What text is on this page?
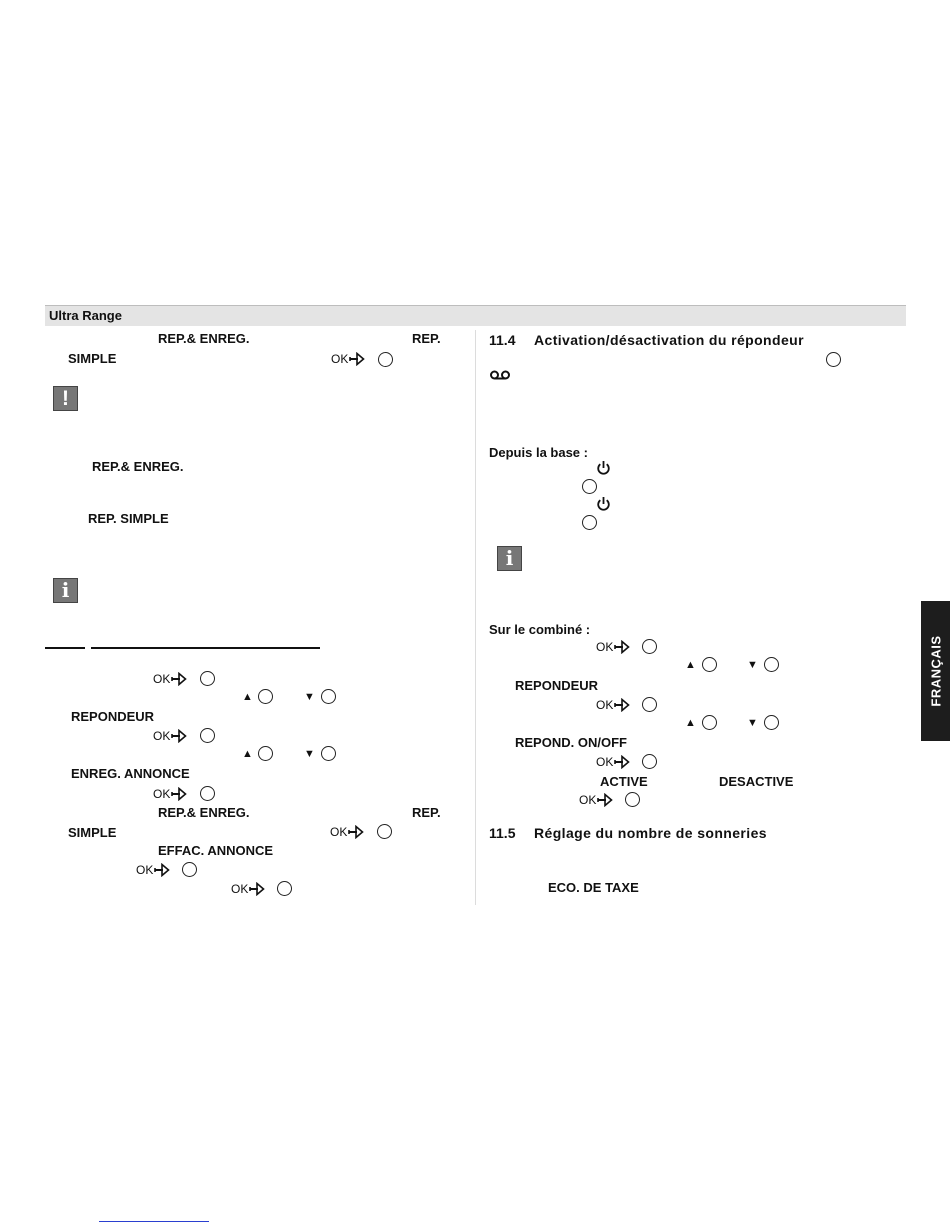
Ultra Range
REP.& ENREG.	REP.
SIMPLE	OK
!
REP.& ENREG.
REP. SIMPLE
i
OK
▲	▼
REPONDEUR
OK
▲	▼
ENREG. ANNONCE
OK
REP.& ENREG.	REP.
SIMPLE	OK
EFFAC. ANNONCE
OK
OK
11.4 Activation/désactivation du répondeur
Depuis la base :
i
Sur le combiné :
OK
▲	▼
REPONDEUR
OK
▲	▼
REPOND. ON/OFF
OK
ACTIVE	DESACTIVE
OK
11.5 Réglage du nombre de sonneries
ECO. DE TAXE
FRANÇAIS
